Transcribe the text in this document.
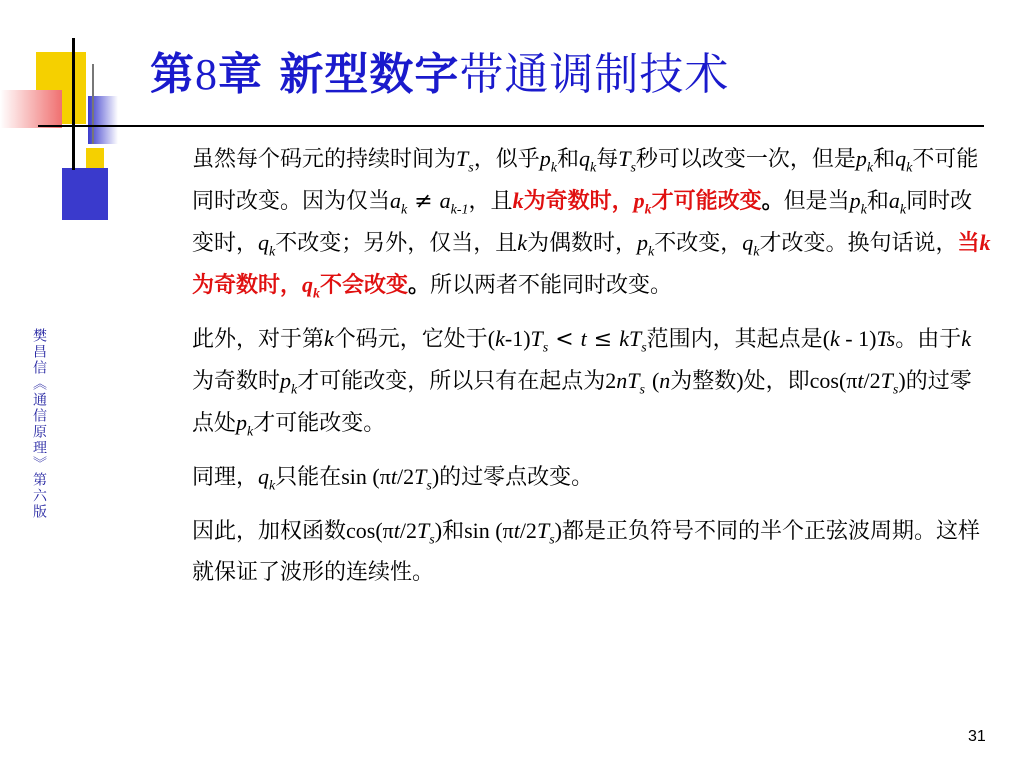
第8章 新型数字带通调制技术
樊昌信《通信原理》第六版

虽然每个码元的持续时间为$T_s$，似乎$p_k$和$q_k$每$T_s$秒可以改变一次，但是$p_k$和$q_k$不可能同时改变。因为仅当$a_k \ne a_{k-1}$，且k为奇数时，$p_k$才可能改变。但是当$p_k$和$a_k$同时改变时，$q_k$不改变；另外，仅当，且k为偶数时，$p_k$不改变，$q_k$才改变。换句话说，当k为奇数时，$q_k$不会改变。所以两者不能同时改变。

此外，对于第k个码元，它处于$(k-1)T_s < t \le kT_s$范围内，其起点是(k - 1)Ts。由于k为奇数时$p_k$才可能改变，所以只有在起点为$2nT_s$ (n为整数)处，即$\cos(\pi t/2T_s)$的过零点处$p_k$才可能改变。

同理，$q_k$只能在$\sin (\pi t/2T_s)$的过零点改变。

因此，加权函数$\cos(\pi t/2T_s)$和$\sin (\pi t/2T_s)$都是正负符号不同的半个正弦波周期。这样就保证了波形的连续性。

31
